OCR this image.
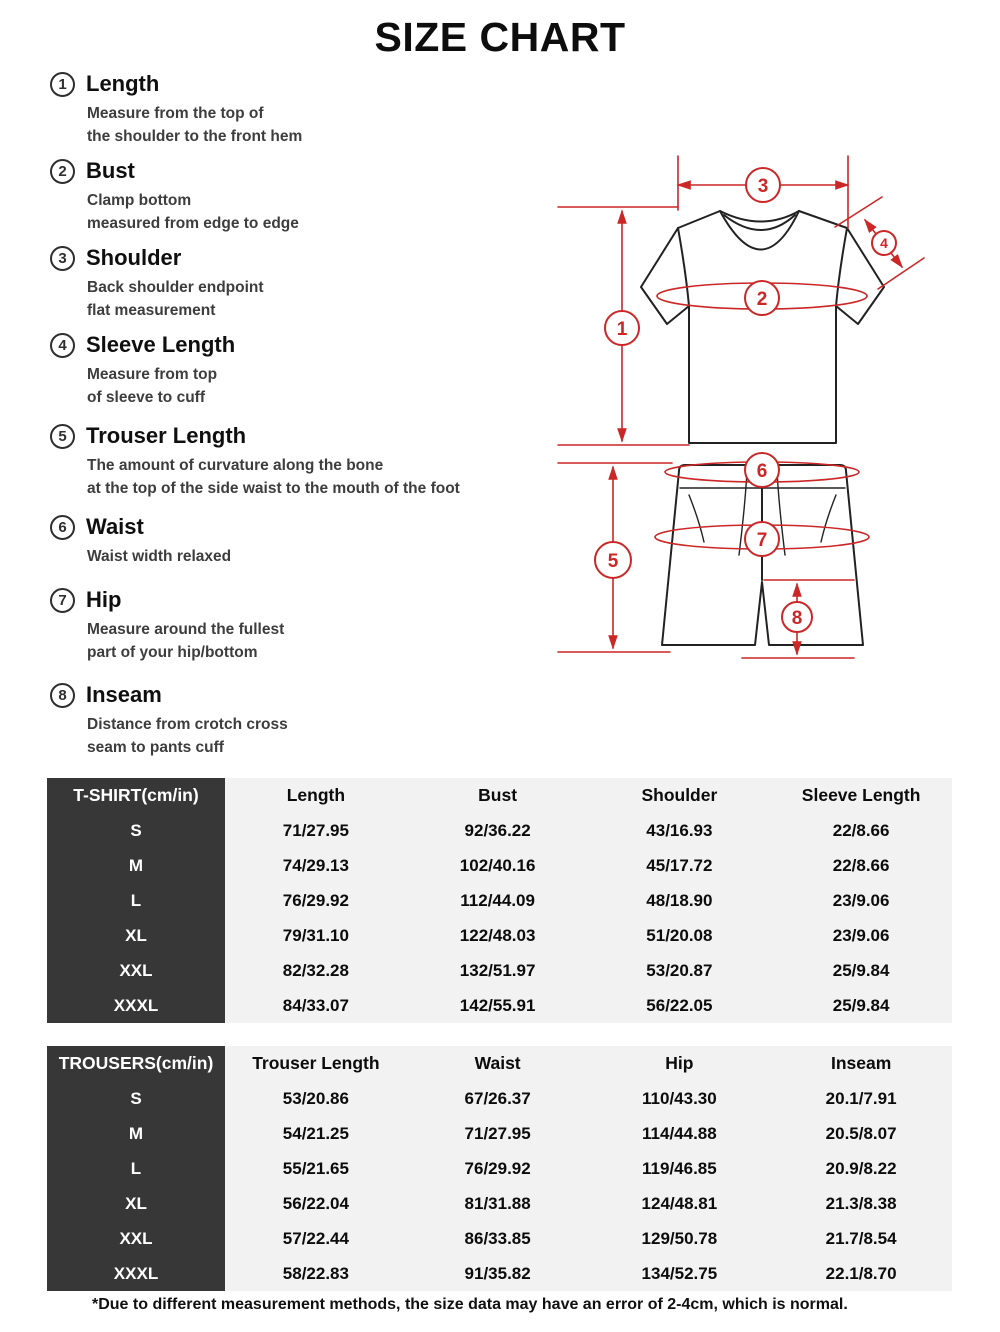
SIZE CHART
1 Length
Measure from the top of
the shoulder to the front hem
2 Bust
Clamp bottom
measured from edge to edge
3 Shoulder
Back shoulder endpoint
flat measurement
4 Sleeve Length
Measure from top
of sleeve to cuff
5 Trouser Length
The amount of curvature along the bone
at the top of the side waist to the mouth of the foot
6 Waist
Waist width relaxed
7 Hip
Measure around the fullest
part of your hip/bottom
8 Inseam
Distance from crotch cross
seam to pants cuff
1
2
3
4
5
6
7
8
T-SHIRT(cm/in)	Length	Bust	Shoulder	Sleeve Length
S	71/27.95	92/36.22	43/16.93	22/8.66
M	74/29.13	102/40.16	45/17.72	22/8.66
L	76/29.92	112/44.09	48/18.90	23/9.06
XL	79/31.10	122/48.03	51/20.08	23/9.06
XXL	82/32.28	132/51.97	53/20.87	25/9.84
XXXL	84/33.07	142/55.91	56/22.05	25/9.84
TROUSERS(cm/in)	Trouser Length	Waist	Hip	Inseam
S	53/20.86	67/26.37	110/43.30	20.1/7.91
M	54/21.25	71/27.95	114/44.88	20.5/8.07
L	55/21.65	76/29.92	119/46.85	20.9/8.22
XL	56/22.04	81/31.88	124/48.81	21.3/8.38
XXL	57/22.44	86/33.85	129/50.78	21.7/8.54
XXXL	58/22.83	91/35.82	134/52.75	22.1/8.70
*Due to different measurement methods, the size data may have an error of 2-4cm, which is normal.
